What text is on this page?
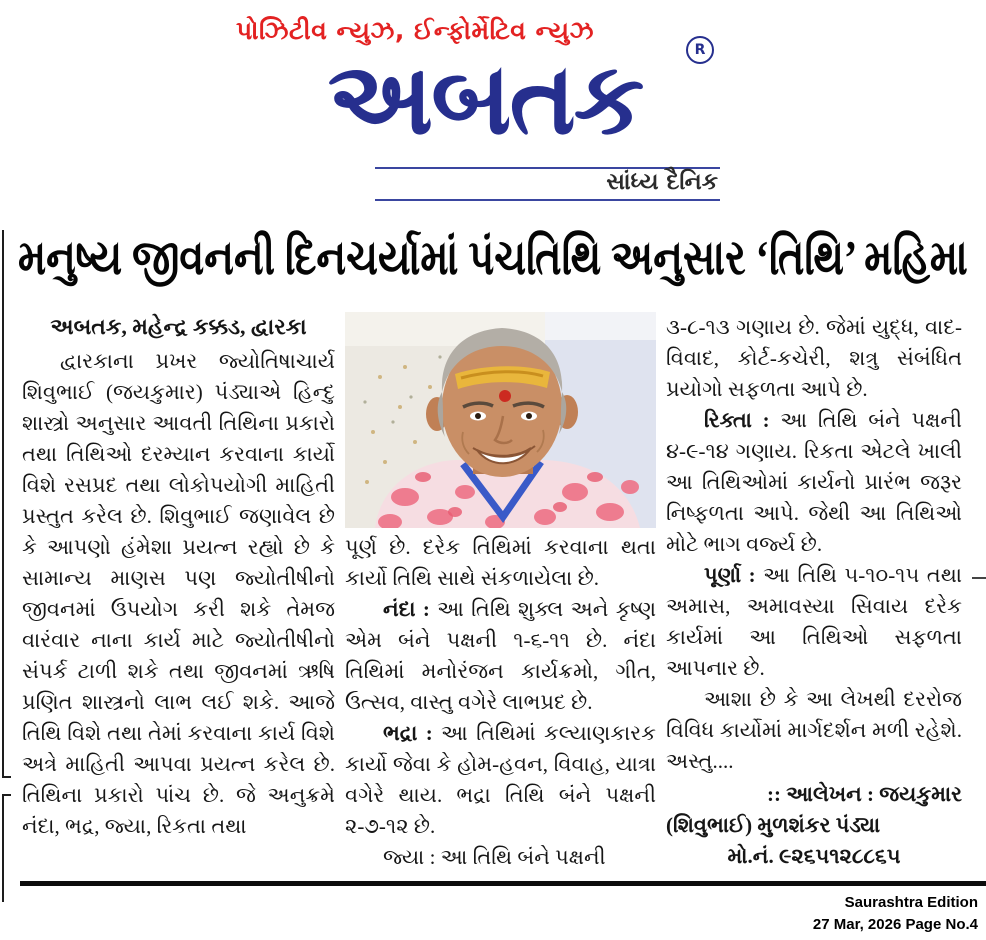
પોઝિટીવ ન્યુઝ, ઈન્ફોર્મેટિવ ન્યુઝ
અબતક	R
સાંધ્ય દૈનિક
મનુષ્ય જીવનની દિનચર્યામાં પંચતિથિ અનુસાર ‘તિથિ’ મહિમા
અબતક, મહેન્દ્ર કક્કડ, દ્વારકા

દ્વારકાના પ્રખર જ્યોતિષાચાર્ય શિવુભાઈ (જયકુમાર) પંડ્યાએ હિન્દુ શાસ્ત્રો અનુસાર આવતી તિથિના પ્રકારો તથા તિથિઓ દરમ્યાન કરવાના કાર્યો વિશે રસપ્રદ તથા લોકોપયોગી માહિતી પ્રસ્તુત કરેલ છે. શિવુભાઈ જણાવેલ છે કે આપણો હંમેશા પ્રયત્ન રહ્યો છે કે સામાન્ય માણસ પણ જ્યોતીષીનો જીવનમાં ઉપયોગ કરી શકે તેમજ વારંવાર નાના કાર્ય માટે જ્યોતીષીનો સંપર્ક ટાળી શકે તથા જીવનમાં ઋષિ પ્રણિત શાસ્ત્રનો લાભ લઈ શકે. આજે તિથિ વિશે તથા તેમાં કરવાના કાર્ય વિશે અત્રે માહિતી આપવા પ્રયત્ન કરેલ છે. તિથિના પ્રકારો પાંચ છે. જે અનુક્રમે નંદા, ભદ્ર, જ્યા, રિકતા તથા

પૂર્ણ છે. દરેક તિથિમાં કરવાના થતા કાર્યો તિથિ સાથે સંકળાયેલા છે.

નંદા : આ તિથિ શુક્લ અને કૃષ્ણ એમ બંને પક્ષની ૧-૬-૧૧ છે. નંદા તિથિમાં મનોરંજન કાર્યક્રમો, ગીત, ઉત્સવ, વાસ્તુ વગેરે લાભપ્રદ છે.

ભદ્રા : આ તિથિમાં કલ્યાણકારક કાર્યો જેવા કે હોમ-હવન, વિવાહ, યાત્રા વગેરે થાય. ભદ્રા તિથિ બંને પક્ષની ૨-૭-૧૨ છે.

જ્યા : આ તિથિ બંને પક્ષની

૩-૮-૧૩ ગણાય છે. જેમાં યુદ્ધ, વાદ-વિવાદ, કોર્ટ-કચેરી, શત્રુ સંબંધિત પ્રયોગો સફળતા આપે છે.

રિક્તા : આ તિથિ બંને પક્ષની ૪-૯-૧૪ ગણાય. રિકતા એટલે ખાલી આ તિથિઓમાં કાર્યનો પ્રારંભ જરૂર નિષ્ફળતા આપે. જેથી આ તિથિઓ મોટે ભાગ વર્જ્ય છે.

પૂર્ણા : આ તિથિ ૫-૧૦-૧૫ તથા અમાસ, અમાવસ્યા સિવાય દરેક કાર્યમાં આ તિથિઓ સફળતા આપનાર છે.

આશા છે કે આ લેખથી દરરોજ વિવિધ કાર્યોમાં માર્ગદર્શન મળી રહેશે. અસ્તુ....

:: આલેખન : જયકુમાર
(શિવુભાઈ) મુળશંકર પંડ્યા
મો.નં. ૯૨૬૫૧૨૮૮૬૫
Saurashtra Edition
27 Mar, 2026 Page No.4
